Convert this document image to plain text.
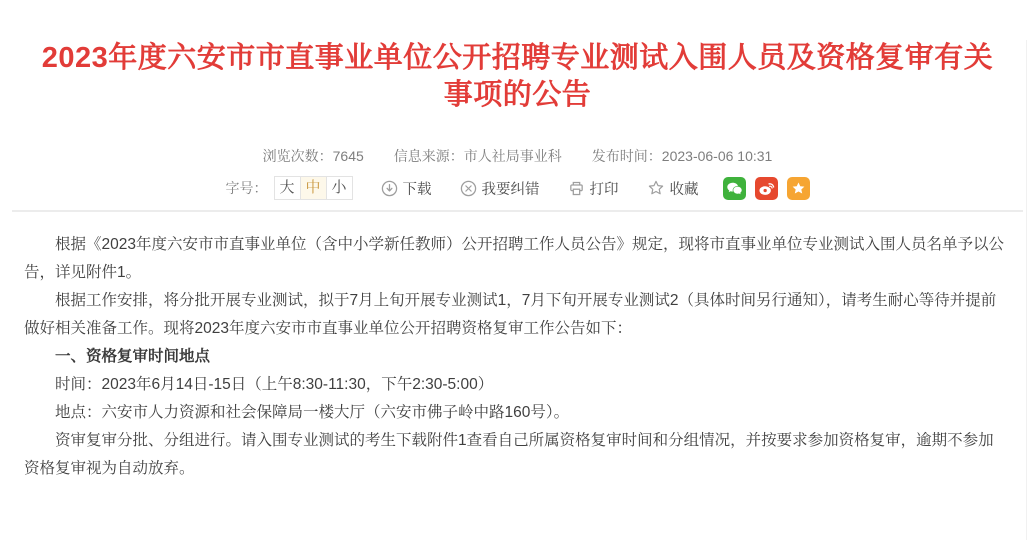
2023年度六安市市直事业单位公开招聘专业测试入围人员及资格复审有关事项的公告
浏览次数： 7645 信息来源： 市人社局事业科 发布时间： 2023-06-06 10:31
字号： 大 中 小	下载	我要纠错	打印	收藏

根据《2023年度六安市市直事业单位（含中小学新任教师）公开招聘工作人员公告》规定，现将市直事业单位专业测试入围人员名单予以公告，详见附件1。

根据工作安排，将分批开展专业测试，拟于7月上旬开展专业测试1，7月下旬开展专业测试2（具体时间另行通知），请考生耐心等待并提前做好相关准备工作。现将2023年度六安市市直事业单位公开招聘资格复审工作公告如下：

一、资格复审时间地点

时间：2023年6月14日-15日（上午8:30-11:30，下午2:30-5:00）

地点：六安市人力资源和社会保障局一楼大厅（六安市佛子岭中路160号）。

资审复审分批、分组进行。请入围专业测试的考生下载附件1查看自己所属资格复审时间和分组情况，并按要求参加资格复审，逾期不参加资格复审视为自动放弃。
